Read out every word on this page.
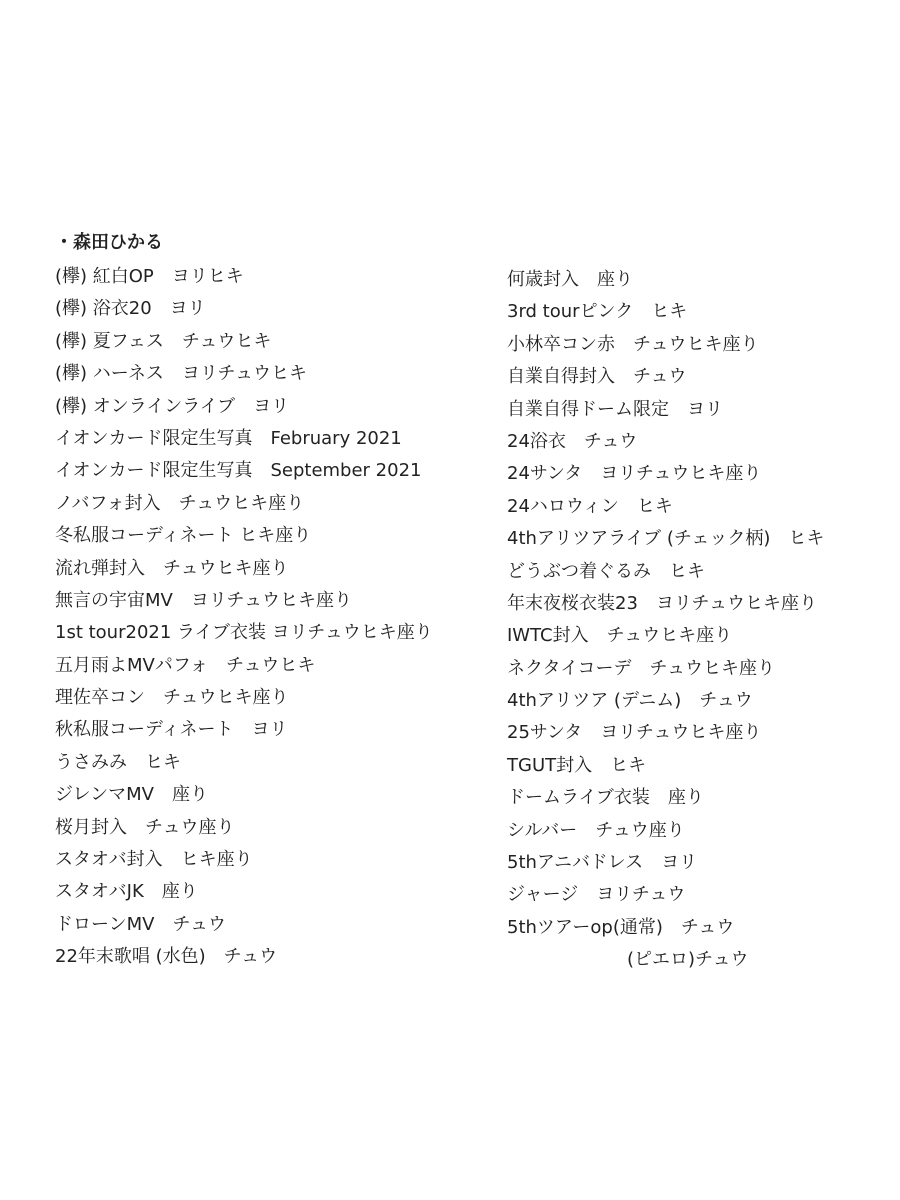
・森田ひかる
(欅) 紅白OP　ヨリヒキ
(欅) 浴衣20　ヨリ
(欅) 夏フェス　チュウヒキ
(欅) ハーネス　ヨリチュウヒキ
(欅) オンラインライブ　ヨリ
イオンカード限定生写真　February 2021
イオンカード限定生写真　September 2021
ノバフォ封入　チュウヒキ座り
冬私服コーディネート ヒキ座り
流れ弾封入　チュウヒキ座り
無言の宇宙MV　ヨリチュウヒキ座り
1st tour2021 ライブ衣装 ヨリチュウヒキ座り
五月雨よMVパフォ　チュウヒキ
理佐卒コン　チュウヒキ座り
秋私服コーディネート　ヨリ
うさみみ　ヒキ
ジレンマMV　座り
桜月封入　チュウ座り
スタオバ封入　ヒキ座り
スタオバJK　座り
ドローンMV　チュウ
22年末歌唱 (水色)　チュウ
何歳封入　座り
3rd tourピンク　ヒキ
小林卒コン赤　チュウヒキ座り
自業自得封入　チュウ
自業自得ドーム限定　ヨリ
24浴衣　チュウ
24サンタ　ヨリチュウヒキ座り
24ハロウィン　ヒキ
4thアリツアライブ (チェック柄)　ヒキ
どうぶつ着ぐるみ　ヒキ
年末夜桜衣装23　ヨリチュウヒキ座り
IWTC封入　チュウヒキ座り
ネクタイコーデ　チュウヒキ座り
4thアリツア (デニム)　チュウ
25サンタ　ヨリチュウヒキ座り
TGUT封入　ヒキ
ドームライブ衣装　座り
シルバー　チュウ座り
5thアニバドレス　ヨリ
ジャージ　ヨリチュウ
5thツアーop(通常)　チュウ
(ピエロ)チュウ
